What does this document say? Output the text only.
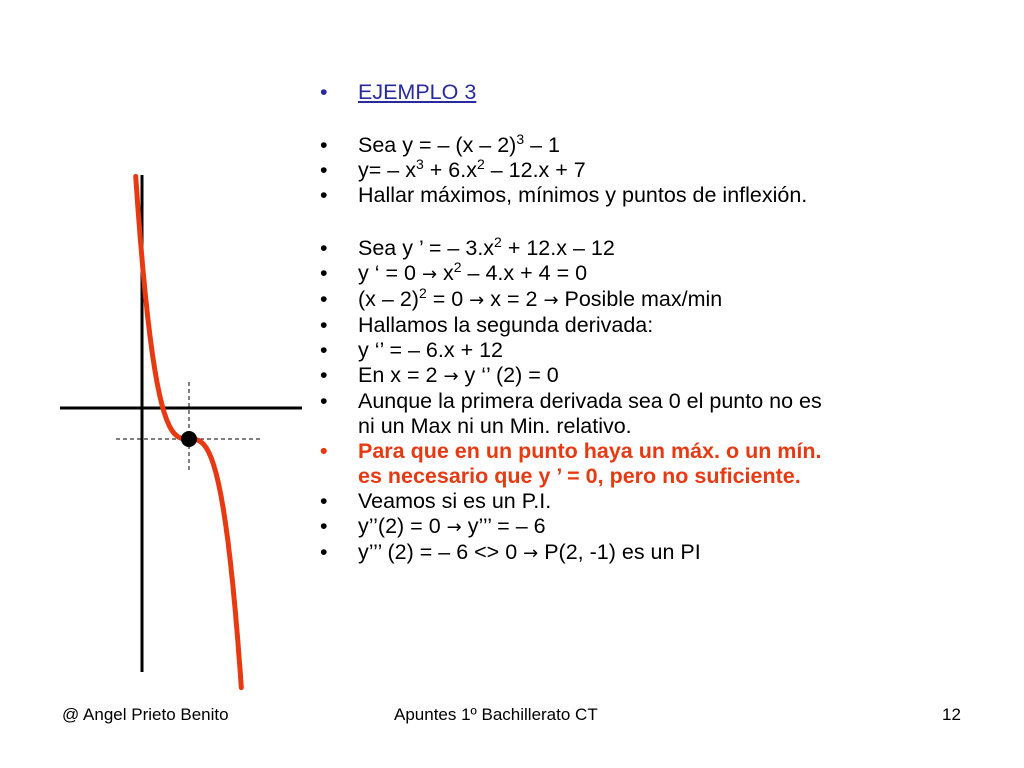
• EJEMPLO 3
• Sea y = – (x – 2)$^3$ – 1
• $y= - x^3 + 6.x^2 - 12.x + 7$
• Hallar máximos, mínimos y puntos de inflexión.
• Sea y ’ = – $3.x^2 + 12.x - 12$
• y ‘ = $0 \to x^2 - 4.x + 4 = 0$
• (x – 2)$^2$ = 0 → x = 2 → Posible max/min
• Hallamos la segunda derivada:
• y ‘’ = – 6.x + 12
• En x = 2 → y ‘’ (2) = 0
• Aunque la primera derivada sea 0 el punto no es
ni un Max ni un Min. relativo.
• Para que en un punto haya un máx. o un mín.
es necesario que y ’ = 0, pero no suficiente.
• Veamos si es un P.I.
• y’’(2) = 0 → y’’’ = – 6
• y’’’ (2) = – 6 <> 0 → P(2, -1) es un PI
@ Angel Prieto Benito	Apuntes 1º Bachillerato CT	12
